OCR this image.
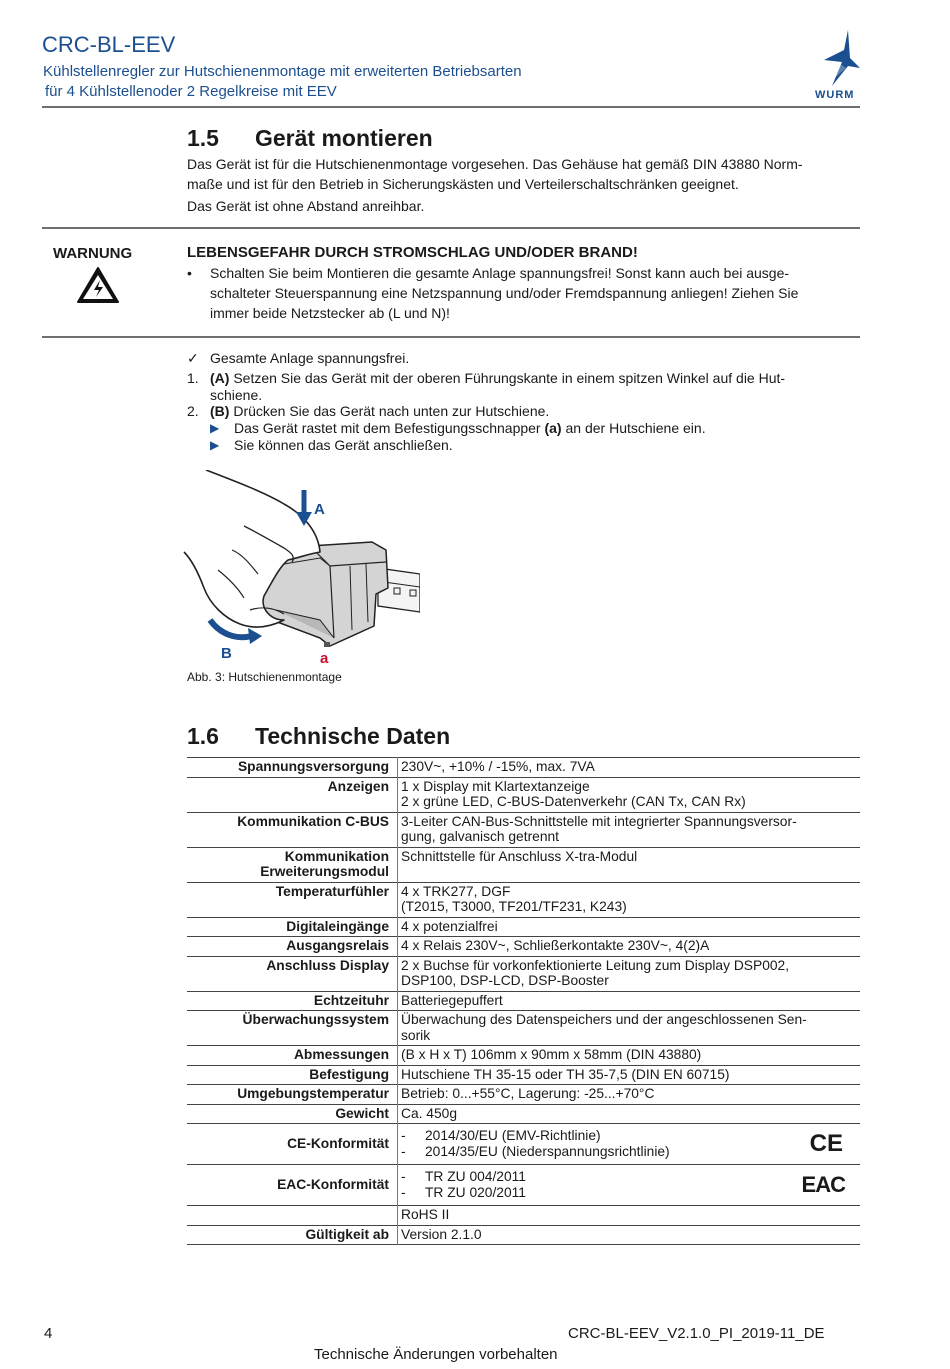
CRC-BL-EEV
Kühlstellenregler zur Hutschienenmontage mit erweiterten Betriebsarten
für 4 Kühlstellenoder 2 Regelkreise mit EEV	WURM
1.5 Gerät montieren
Das Gerät ist für die Hutschienenmontage vorgesehen. Das Gehäuse hat gemäß DIN 43880 Norm-
maße und ist für den Betrieb in Sicherungskästen und Verteilerschaltschränken geeignet.
Das Gerät ist ohne Abstand anreihbar.
WARNUNG	LEBENSGEFAHR DURCH STROMSCHLAG UND/ODER BRAND!
• Schalten Sie beim Montieren die gesamte Anlage spannungsfrei! Sonst kann auch bei ausge-
schalteter Steuerspannung eine Netzspannung und/oder Fremdspannung anliegen! Ziehen Sie
immer beide Netzstecker ab (L und N)!
✓ Gesamte Anlage spannungsfrei.
1. (A) Setzen Sie das Gerät mit der oberen Führungskante in einem spitzen Winkel auf die Hut-
schiene.
2. (B) Drücken Sie das Gerät nach unten zur Hutschiene.
▶	Das Gerät rastet mit dem Befestigungsschnapper (a) an der Hutschiene ein.
▶	Sie können das Gerät anschließen.
A
B	a
Abb. 3: Hutschienenmontage
1.6 Technische Daten
Spannungsversorgung	230V~, +10% / -15%, max. 7VA
Anzeigen	1 x Display mit Klartextanzeige
2 x grüne LED, C-BUS-Datenverkehr (CAN Tx, CAN Rx)

Kommunikation C-BUS	3-Leiter CAN-Bus-Schnittstelle mit integrierter Spannungsversor-
gung, galvanisch getrennt

Kommunikation
Erweiterungsmodul	Schnittstelle für Anschluss X-tra-Modul
Temperaturfühler	4 x TRK277, DGF
(T2015, T3000, TF201/TF231, K243)

Digitaleingänge	4 x potenzialfrei
Ausgangsrelais	4 x Relais 230V~, Schließerkontakte 230V~, 4(2)A
Anschluss Display	2 x Buchse für vorkonfektionierte Leitung zum Display DSP002,
DSP100, DSP-LCD, DSP-Booster

Echtzeituhr	Batteriegepuffert
Überwachungssystem	Überwachung des Datenspeichers und der angeschlossenen Sen-
sorik

Abmessungen	(B x H x T) 106mm x 90mm x 58mm (DIN 43880)
Befestigung	Hutschiene TH 35-15 oder TH 35-7,5 (DIN EN 60715)
Umgebungstemperatur	Betrieb: 0...+55°C, Lagerung: -25...+70°C
Gewicht	Ca. 450g
CE-Konformität	- 2014/30/EU (EMV-Richtlinie)
- 2014/35/EU (Niederspannungsrichtlinie) CE

EAC-Konformität	- TR ZU 004/2011
- TR ZU 020/2011 EAC

	RoHS II
Gültigkeit ab	Version 2.1.0
4	CRC-BL-EEV_V2.1.0_PI_2019-11_DE
Technische Änderungen vorbehalten
